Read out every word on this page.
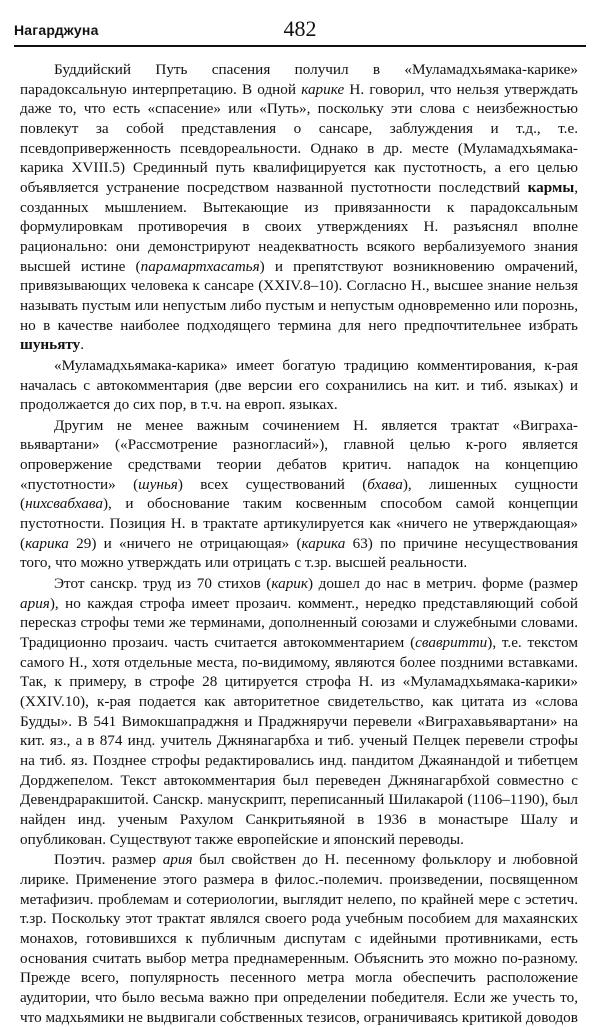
Нагарджуна	482

Буддийский Путь спасения получил в «Муламадхьямака-карике» парадоксальную интерпретацию. В одной карике Н. говорил, что нельзя утверждать даже то, что есть «спасение» или «Путь», поскольку эти слова с неизбежностью повлекут за собой представления о сансаре, заблуждения и т.д., т.е. псевдоприверженность псевдореальности. Однако в др. месте (Муламадхьямака-карика XVIII.5) Срединный путь квалифицируется как пустотность, а его целью объявляется устранение посредством названной пустотности последствий кармы, созданных мышлением. Вытекающие из привязанности к парадоксальным формулировкам противоречия в своих утверждениях Н. разъяснял вполне рационально: они демонстрируют неадекватность всякого вербализуемого знания высшей истине (парамартхасатья) и препятствуют возникновению омрачений, привязывающих человека к сансаре (XXIV.8–10). Согласно Н., высшее знание нельзя называть пустым или непустым либо пустым и непустым одновременно или порознь, но в качестве наиболее подходящего термина для него предпочтительнее избрать шуньяту.

«Муламадхьямака-карика» имеет богатую традицию комментирования, к-рая началась с автокомментария (две версии его сохранились на кит. и тиб. языках) и продолжается до сих пор, в т.ч. на европ. языках.

Другим не менее важным сочинением Н. является трактат «Виграха-вьявартани» («Рассмотрение разногласий»), главной целью к-рого является опровержение средствами теории дебатов критич. нападок на концепцию «пустотности» (шунья) всех существований (бхава), лишенных сущности (нихсвабхава), и обоснование таким косвенным способом самой концепции пустотности. Позиция Н. в трактате артикулируется как «ничего не утверждающая» (карика 29) и «ничего не отрицающая» (карика 63) по причине несуществования того, что можно утверждать или отрицать с т.зр. высшей реальности.

Этот санскр. труд из 70 стихов (карик) дошел до нас в метрич. форме (размер ария), но каждая строфа имеет прозаич. коммент., нередко представляющий собой пересказ строфы теми же терминами, дополненный союзами и служебными словами. Традиционно прозаич. часть считается автокомментарием (свавритти), т.е. текстом самого Н., хотя отдельные места, по-видимому, являются более поздними вставками. Так, к примеру, в строфе 28 цитируется строфа Н. из «Муламадхьямака-карики» (XXIV.10), к-рая подается как авторитетное свидетельство, как цитата из «слова Будды». В 541 Вимокшапраджня и Праджняручи перевели «Виграхавьявартани» на кит. яз., а в 874 инд. учитель Джнянагарбха и тиб. ученый Пелцек перевели строфы на тиб. яз. Позднее строфы редактировались инд. пандитом Джаянандой и тибетцем Дорджепелом. Текст автокомментария был переведен Джнянагарбхой совместно с Девендраракшитой. Санскр. манускрипт, переписанный Шилакарой (1106–1190), был найден инд. ученым Рахулом Санкритьяяной в 1936 в монастыре Шалу и опубликован. Существуют также европейские и японский переводы.

Поэтич. размер ария был свойствен до Н. песенному фольклору и любовной лирике. Применение этого размера в филос.-полемич. произведении, посвященном метафизич. проблемам и сотериологии, выглядит нелепо, по крайней мере с эстетич. т.зр. Поскольку этот трактат являлся своего рода учебным пособием для махаянских монахов, готовившихся к публичным диспутам с идейными противниками, есть основания считать выбор метра преднамеренным. Объяснить это можно по-разному. Прежде всего, популярность песенного метра могла обеспечить расположение аудитории, что было весьма важно при определении победителя. Если же учесть то, что мадхьямики не выдвигали собственных тезисов, ограничиваясь критикой доводов
